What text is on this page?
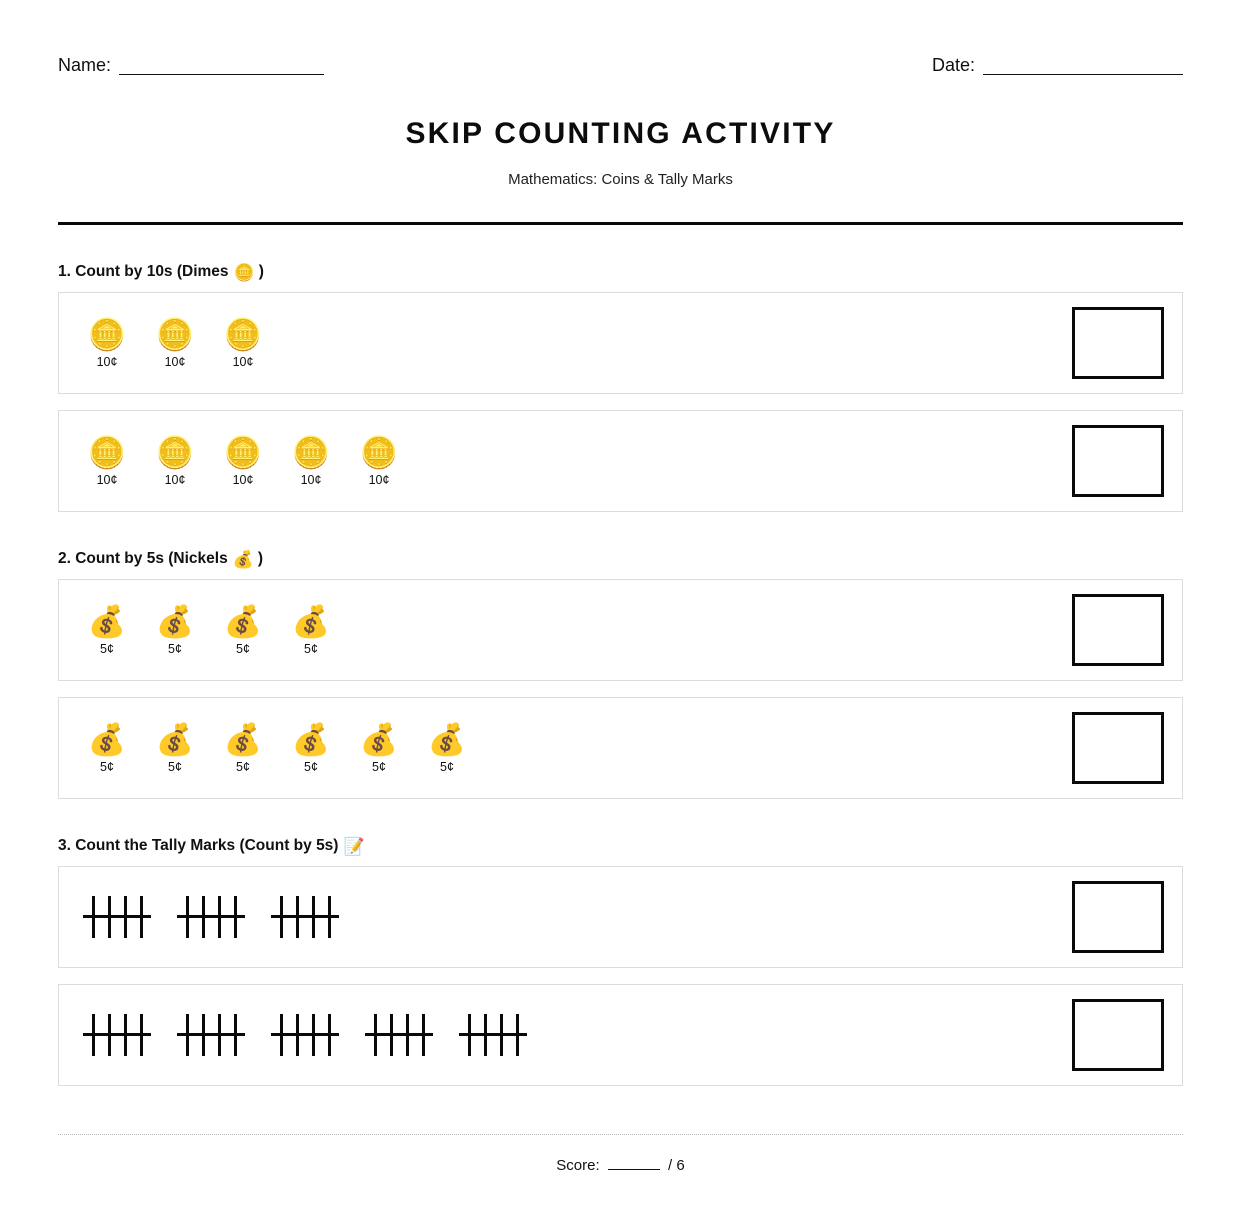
Name:	Date:
SKIP COUNTING ACTIVITY
Mathematics: Coins & Tally Marks
1. Count by 10s (Dimes 🪙 )
🪙
10¢
🪙
10¢
🪙
10¢
🪙
10¢
🪙
10¢
🪙
10¢
🪙
10¢
🪙
10¢
2. Count by 5s (Nickels 💰 )
💰
5¢
💰
5¢
💰
5¢
💰
5¢
💰
5¢
💰
5¢
💰
5¢
💰
5¢
💰
5¢
💰
5¢
3. Count the Tally Marks (Count by 5s) 📝
Score:	/ 6
